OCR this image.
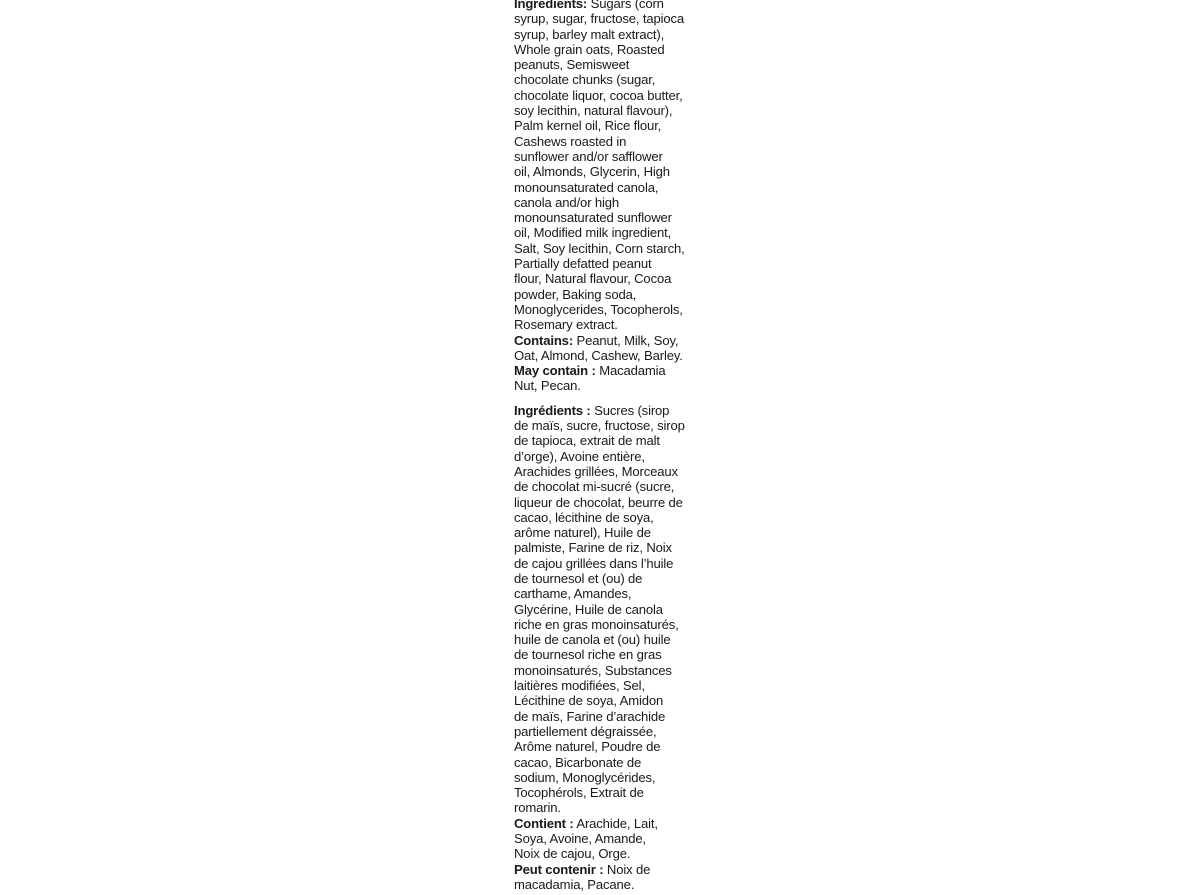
Ingredients: Sugars (corn
syrup, sugar, fructose, tapioca
syrup, barley malt extract),
Whole grain oats, Roasted
peanuts, Semisweet
chocolate chunks (sugar,
chocolate liquor, cocoa butter,
soy lecithin, natural flavour),
Palm kernel oil, Rice flour,
Cashews roasted in
sunflower and/or safflower
oil, Almonds, Glycerin, High
monounsaturated canola,
canola and/or high
monounsaturated sunflower
oil, Modified milk ingredient,
Salt, Soy lecithin, Corn starch,
Partially defatted peanut
flour, Natural flavour, Cocoa
powder, Baking soda,
Monoglycerides, Tocopherols,
Rosemary extract.

Contains: Peanut, Milk, Soy,
Oat, Almond, Cashew, Barley.

May contain : Macadamia
Nut, Pecan.

Ingrédients : Sucres (sirop
de maïs, sucre, fructose, sirop
de tapioca, extrait de malt
d’orge), Avoine entière,
Arachides grillées, Morceaux
de chocolat mi-sucré (sucre,
liqueur de chocolat, beurre de
cacao, lécithine de soya,
arôme naturel), Huile de
palmiste, Farine de riz, Noix
de cajou grillées dans l’huile
de tournesol et (ou) de
carthame, Amandes,
Glycérine, Huile de canola
riche en gras monoinsaturés,
huile de canola et (ou) huile
de tournesol riche en gras
monoinsaturés, Substances
laitières modifiées, Sel,
Lécithine de soya, Amidon
de maïs, Farine d’arachide
partiellement dégraissée,
Arôme naturel, Poudre de
cacao, Bicarbonate de
sodium, Monoglycérides,
Tocophérols, Extrait de
romarin.

Contient : Arachide, Lait,
Soya, Avoine, Amande,
Noix de cajou, Orge.

Peut contenir : Noix de
macadamia, Pacane.
